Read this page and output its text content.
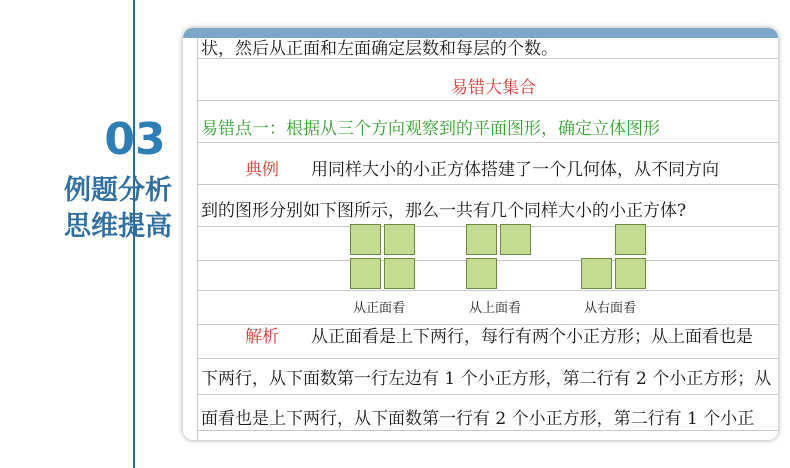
03
例题分析
思维提高
状，然后从正面和左面确定层数和每层的个数。
易错大集合
易错点一：根据从三个方向观察到的平面图形，确定立体图形
典例 用同样大小的小正方体搭建了一个几何体，从不同方向
到的图形分别如下图所示，那么一共有几个同样大小的小正方体?
从正面看	从上面看	从右面看
解析 从正面看是上下两行，每行有两个小正方形；从上面看也是
下两行，从下面数第一行左边有 1 个小正方形，第二行有 2 个小正方形；从
面看也是上下两行，从下面数第一行有 2 个小正方形，第二行有 1 个小正
